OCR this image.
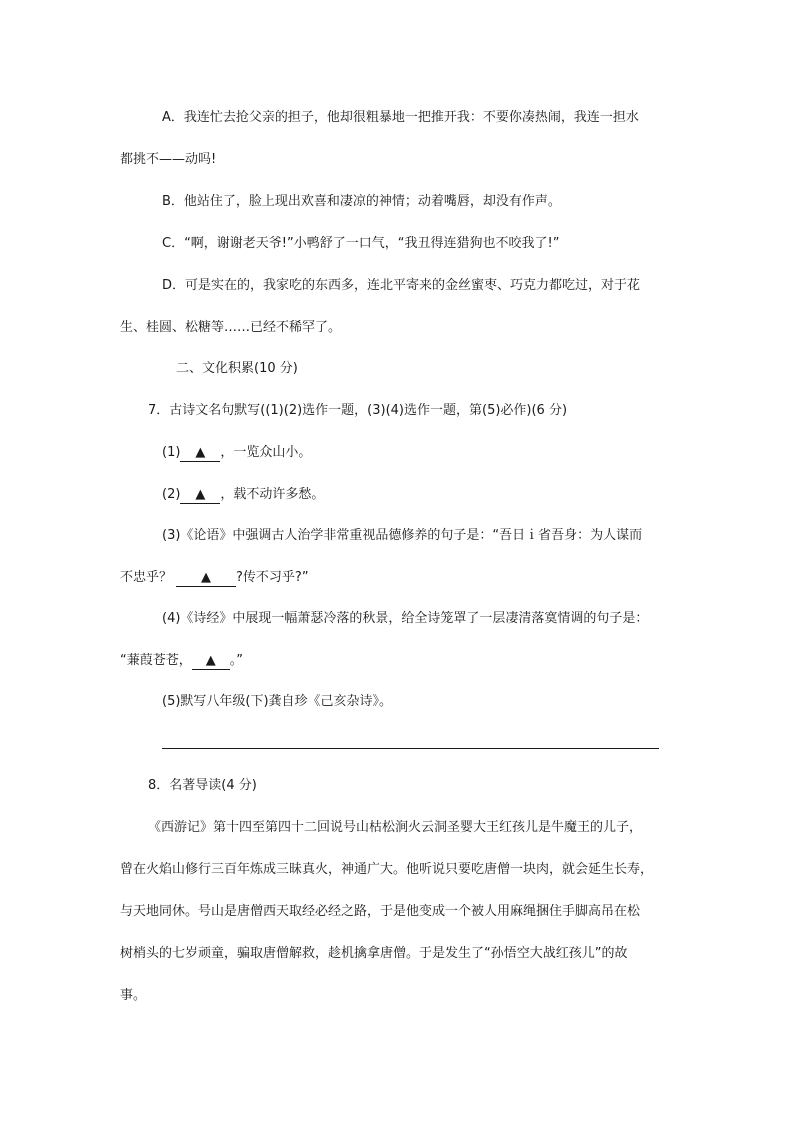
A．我连忙去抢父亲的担子，他却很粗暴地一把推开我：不要你凑热闹，我连一担水
都挑不——动吗!
B．他站住了，脸上现出欢喜和凄凉的神情；动着嘴唇，却没有作声。
C．“啊，谢谢老天爷!”小鸭舒了一口气，“我丑得连猎狗也不咬我了!”
D．可是实在的，我家吃的东西多，连北平寄来的金丝蜜枣、巧克力都吃过，对于花
生、桂圆、松糖等……已经不稀罕了。
二、文化积累(10 分)
7．古诗文名句默写((1)(2)选作一题，(3)(4)选作一题，第(5)必作)(6 分)
(1) ▲ ，一览众山小。
(2) ▲ ，载不动许多愁。
(3)《论语》中强调古人治学非常重视品德修养的句子是：“吾日ｉ省吾身：为人谋而
不忠乎？ ▲ ?传不习乎?”
(4)《诗经》中展现一幅萧瑟冷落的秋景，给全诗笼罩了一层凄清落寞情调的句子是：
“蒹葭苍苍， ▲ 。”
(5)默写八年级(下)龚自珍《己亥杂诗》。
8．名著导读(4 分)
《西游记》第十四至第四十二回说号山枯松涧火云洞圣婴大王红孩儿是牛魔王的儿子，
曾在火焰山修行三百年炼成三昧真火，神通广大。他听说只要吃唐僧一块肉，就会延生长寿，
与天地同休。号山是唐僧西天取经必经之路，于是他变成一个被人用麻绳捆住手脚高吊在松
树梢头的七岁顽童，骗取唐僧解救，趁机擒拿唐僧。于是发生了“孙悟空大战红孩儿”的故
事。
